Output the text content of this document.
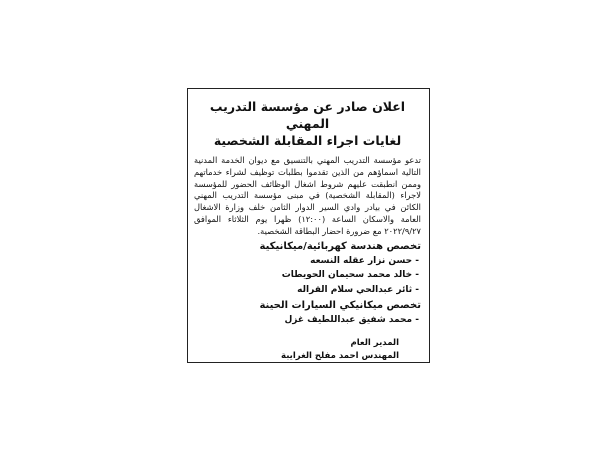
اعلان صادر عن مؤسسة التدريب المهني
لغايات اجراء المقابلة الشخصية
تدعو مؤسسة التدريب المهني بالتنسيق مع ديوان الخدمة المدنية التالية اسماؤهم من الذين تقدموا بطلبات توظيف لشراء خدماتهم وممن انطبقت عليهم شروط اشغال الوظائف الحضور للمؤسسة لاجراء (المقابلة الشخصية) في مبنى مؤسسة التدريب المهني الكائن في بيادر وادي السير الدوار الثامن خلف وزارة الاشغال العامة والاسكان الساعة (١٢:٠٠) ظهرا يوم الثلاثاء الموافق ٢٠٢٢/٩/٢٧ مع ضرورة احضار البطاقة الشخصية.
تخصص هندسة كهربائية/ميكانيكية
- حسن نزار عقله النسعه
- خالد محمد سحيمان الحويطات
- ثائر عبدالحي سلام القراله
تخصص ميكانيكي السيارات الحينة
- محمد شفيق عبداللطيف غزل
المدير العام
المهندس احمد مفلح الغرايبة
